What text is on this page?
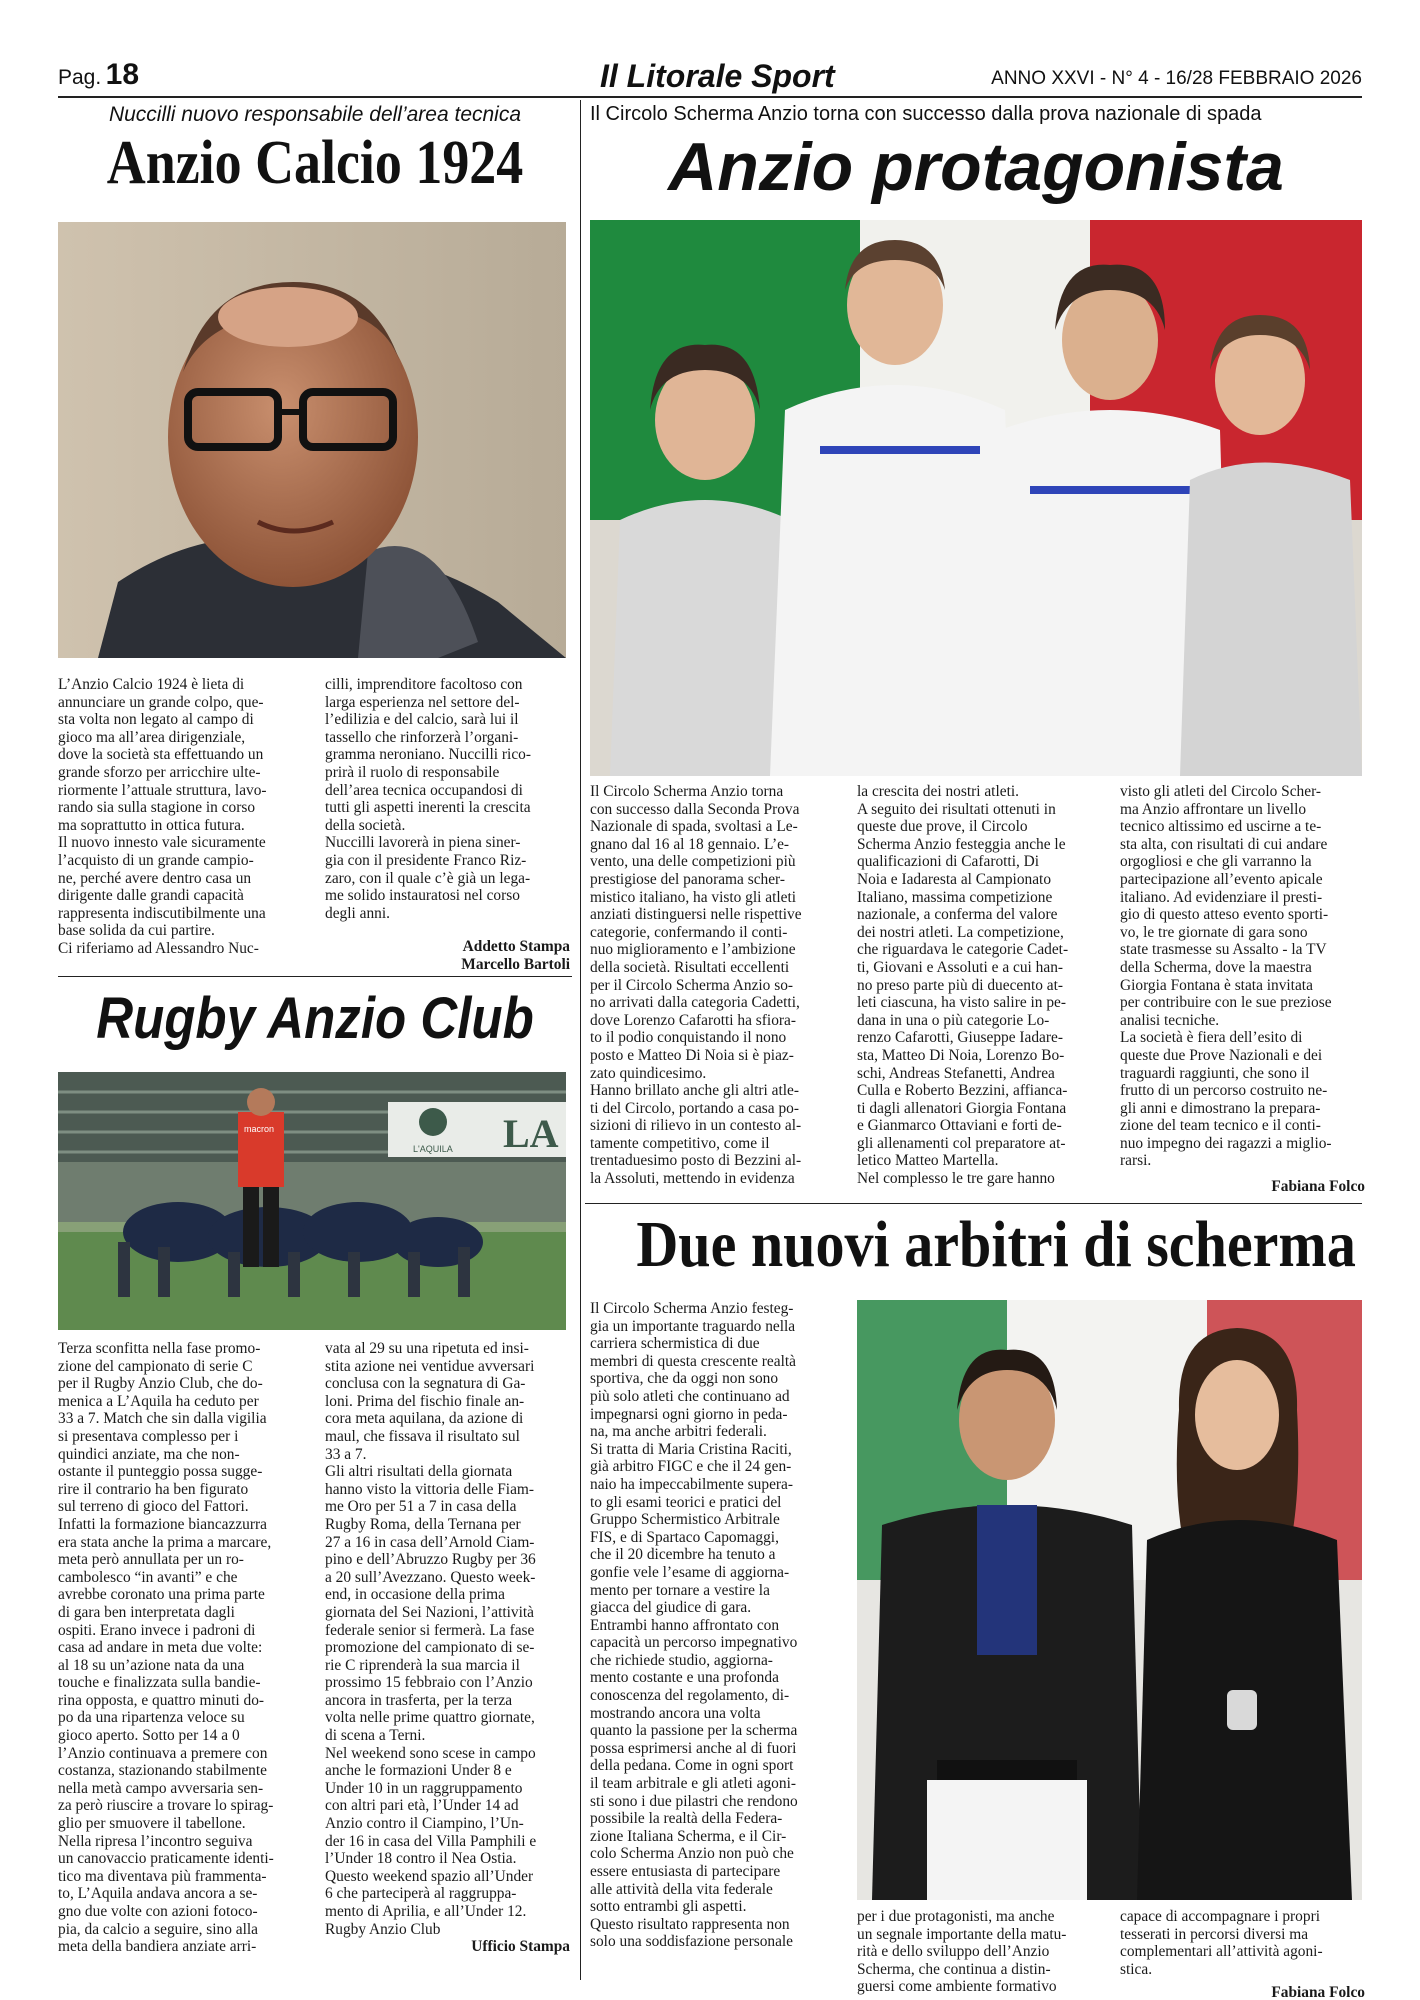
Pag. 18	Il Litorale Sport	ANNO XXVI - N° 4 - 16/28 FEBBRAIO 2026
Nuccilli nuovo responsabile dell’area tecnica
Anzio Calcio 1924

L’Anzio Calcio 1924 è lieta di
annunciare un grande colpo, que-
sta volta non legato al campo di
gioco ma all’area dirigenziale,
dove la società sta effettuando un
grande sforzo per arricchire ulte-
riormente l’attuale struttura, lavo-
rando sia sulla stagione in corso
ma soprattutto in ottica futura.

Il nuovo innesto vale sicuramente
l’acquisto di un grande campio-
ne, perché avere dentro casa un
dirigente dalle grandi capacità
rappresenta indiscutibilmente una
base solida da cui partire.

Ci riferiamo ad Alessandro Nuc-

cilli, imprenditore facoltoso con
larga esperienza nel settore del-
l’edilizia e del calcio, sarà lui il
tassello che rinforzerà l’organi-
gramma neroniano. Nuccilli rico-
prirà il ruolo di responsabile
dell’area tecnica occupandosi di
tutti gli aspetti inerenti la crescita
della società.

Nuccilli lavorerà in piena siner-
gia con il presidente Franco Riz-
zaro, con il quale c’è già un lega-
me solido instauratosi nel corso
degli anni.

Addetto Stampa
Marcello Bartoli

Rugby Anzio Club
LA
L'AQUILA
macron

Terza sconfitta nella fase promo-
zione del campionato di serie C
per il Rugby Anzio Club, che do-
menica a L’Aquila ha ceduto per
33 a 7. Match che sin dalla vigilia
si presentava complesso per i
quindici anziate, ma che non-
ostante il punteggio possa sugge-
rire il contrario ha ben figurato
sul terreno di gioco del Fattori.

Infatti la formazione biancazzurra
era stata anche la prima a marcare,
meta però annullata per un ro-
cambolesco “in avanti” e che
avrebbe coronato una prima parte
di gara ben interpretata dagli
ospiti. Erano invece i padroni di
casa ad andare in meta due volte:
al 18 su un’azione nata da una
touche e finalizzata sulla bandie-
rina opposta, e quattro minuti do-
po da una ripartenza veloce su
gioco aperto. Sotto per 14 a 0
l’Anzio continuava a premere con
costanza, stazionando stabilmente
nella metà campo avversaria sen-
za però riuscire a trovare lo spirag-
glio per smuovere il tabellone.

Nella ripresa l’incontro seguiva
un canovaccio praticamente identi-
tico ma diventava più frammenta-
to, L’Aquila andava ancora a se-
gno due volte con azioni fotoco-
pia, da calcio a seguire, sino alla
meta della bandiera anziate arri-

vata al 29 su una ripetuta ed insi-
stita azione nei ventidue avversari
conclusa con la segnatura di Ga-
loni. Prima del fischio finale an-
cora meta aquilana, da azione di
maul, che fissava il risultato sul
33 a 7.

Gli altri risultati della giornata
hanno visto la vittoria delle Fiam-
me Oro per 51 a 7 in casa della
Rugby Roma, della Ternana per
27 a 16 in casa dell’Arnold Ciam-
pino e dell’Abruzzo Rugby per 36
a 20 sull’Avezzano. Questo week-
end, in occasione della prima
giornata del Sei Nazioni, l’attività
federale senior si fermerà. La fase
promozione del campionato di se-
rie C riprenderà la sua marcia il
prossimo 15 febbraio con l’Anzio
ancora in trasferta, per la terza
volta nelle prime quattro giornate,
di scena a Terni.

Nel weekend sono scese in campo
anche le formazioni Under 8 e
Under 10 in un raggruppamento
con altri pari età, l’Under 14 ad
Anzio contro il Ciampino, l’Un-
der 16 in casa del Villa Pamphili e
l’Under 18 contro il Nea Ostia.
Questo weekend spazio all’Under
6 che parteciperà al raggruppa-
mento di Aprilia, e all’Under 12.
Rugby Anzio Club

Ufficio Stampa

Il Circolo Scherma Anzio torna con successo dalla prova nazionale di spada
Anzio protagonista

Il Circolo Scherma Anzio torna
con successo dalla Seconda Prova
Nazionale di spada, svoltasi a Le-
gnano dal 16 al 18 gennaio. L’e-
vento, una delle competizioni più
prestigiose del panorama scher-
mistico italiano, ha visto gli atleti
anziati distinguersi nelle rispettive
categorie, confermando il conti-
nuo miglioramento e l’ambizione
della società. Risultati eccellenti
per il Circolo Scherma Anzio so-
no arrivati dalla categoria Cadetti,
dove Lorenzo Cafarotti ha sfiora-
to il podio conquistando il nono
posto e Matteo Di Noia si è piaz-
zato quindicesimo.

Hanno brillato anche gli altri atle-
ti del Circolo, portando a casa po-
sizioni di rilievo in un contesto al-
tamente competitivo, come il
trentaduesimo posto di Bezzini al-
la Assoluti, mettendo in evidenza

la crescita dei nostri atleti.

A seguito dei risultati ottenuti in
queste due prove, il Circolo
Scherma Anzio festeggia anche le
qualificazioni di Cafarotti, Di
Noia e Iadaresta al Campionato
Italiano, massima competizione
nazionale, a conferma del valore
dei nostri atleti. La competizione,
che riguardava le categorie Cadet-
ti, Giovani e Assoluti e a cui han-
no preso parte più di duecento at-
leti ciascuna, ha visto salire in pe-
dana in una o più categorie Lo-
renzo Cafarotti, Giuseppe Iadare-
sta, Matteo Di Noia, Lorenzo Bo-
schi, Andreas Stefanetti, Andrea
Culla e Roberto Bezzini, affianca-
ti dagli allenatori Giorgia Fontana
e Gianmarco Ottaviani e forti de-
gli allenamenti col preparatore at-
letico Matteo Martella.

Nel complesso le tre gare hanno

visto gli atleti del Circolo Scher-
ma Anzio affrontare un livello
tecnico altissimo ed uscirne a te-
sta alta, con risultati di cui andare
orgogliosi e che gli varranno la
partecipazione all’evento apicale
italiano. Ad evidenziare il presti-
gio di questo atteso evento sporti-
vo, le tre giornate di gara sono
state trasmesse su Assalto - la TV
della Scherma, dove la maestra
Giorgia Fontana è stata invitata
per contribuire con le sue preziose
analisi tecniche.

La società è fiera dell’esito di
queste due Prove Nazionali e dei
traguardi raggiunti, che sono il
frutto di un percorso costruito ne-
gli anni e dimostrano la prepara-
zione del team tecnico e il conti-
nuo impegno dei ragazzi a miglio-
rarsi.

Fabiana Folco

Due nuovi arbitri di scherma

Il Circolo Scherma Anzio festeg-
gia un importante traguardo nella
carriera schermistica di due
membri di questa crescente realtà
sportiva, che da oggi non sono
più solo atleti che continuano ad
impegnarsi ogni giorno in peda-
na, ma anche arbitri federali.

Si tratta di Maria Cristina Raciti,
già arbitro FIGC e che il 24 gen-
naio ha impeccabilmente supera-
to gli esami teorici e pratici del
Gruppo Schermistico Arbitrale
FIS, e di Spartaco Capomaggi,
che il 20 dicembre ha tenuto a
gonfie vele l’esame di aggiorna-
mento per tornare a vestire la
giacca del giudice di gara.

Entrambi hanno affrontato con
capacità un percorso impegnativo
che richiede studio, aggiorna-
mento costante e una profonda
conoscenza del regolamento, di-
mostrando ancora una volta
quanto la passione per la scherma
possa esprimersi anche al di fuori
della pedana. Come in ogni sport
il team arbitrale e gli atleti agoni-
sti sono i due pilastri che rendono
possibile la realtà della Federa-
zione Italiana Scherma, e il Cir-
colo Scherma Anzio non può che
essere entusiasta di partecipare
alle attività della vita federale
sotto entrambi gli aspetti.

Questo risultato rappresenta non
solo una soddisfazione personale

per i due protagonisti, ma anche
un segnale importante della matu-
rità e dello sviluppo dell’Anzio
Scherma, che continua a distin-
guersi come ambiente formativo

capace di accompagnare i propri
tesserati in percorsi diversi ma
complementari all’attività agoni-
stica.

Fabiana Folco
